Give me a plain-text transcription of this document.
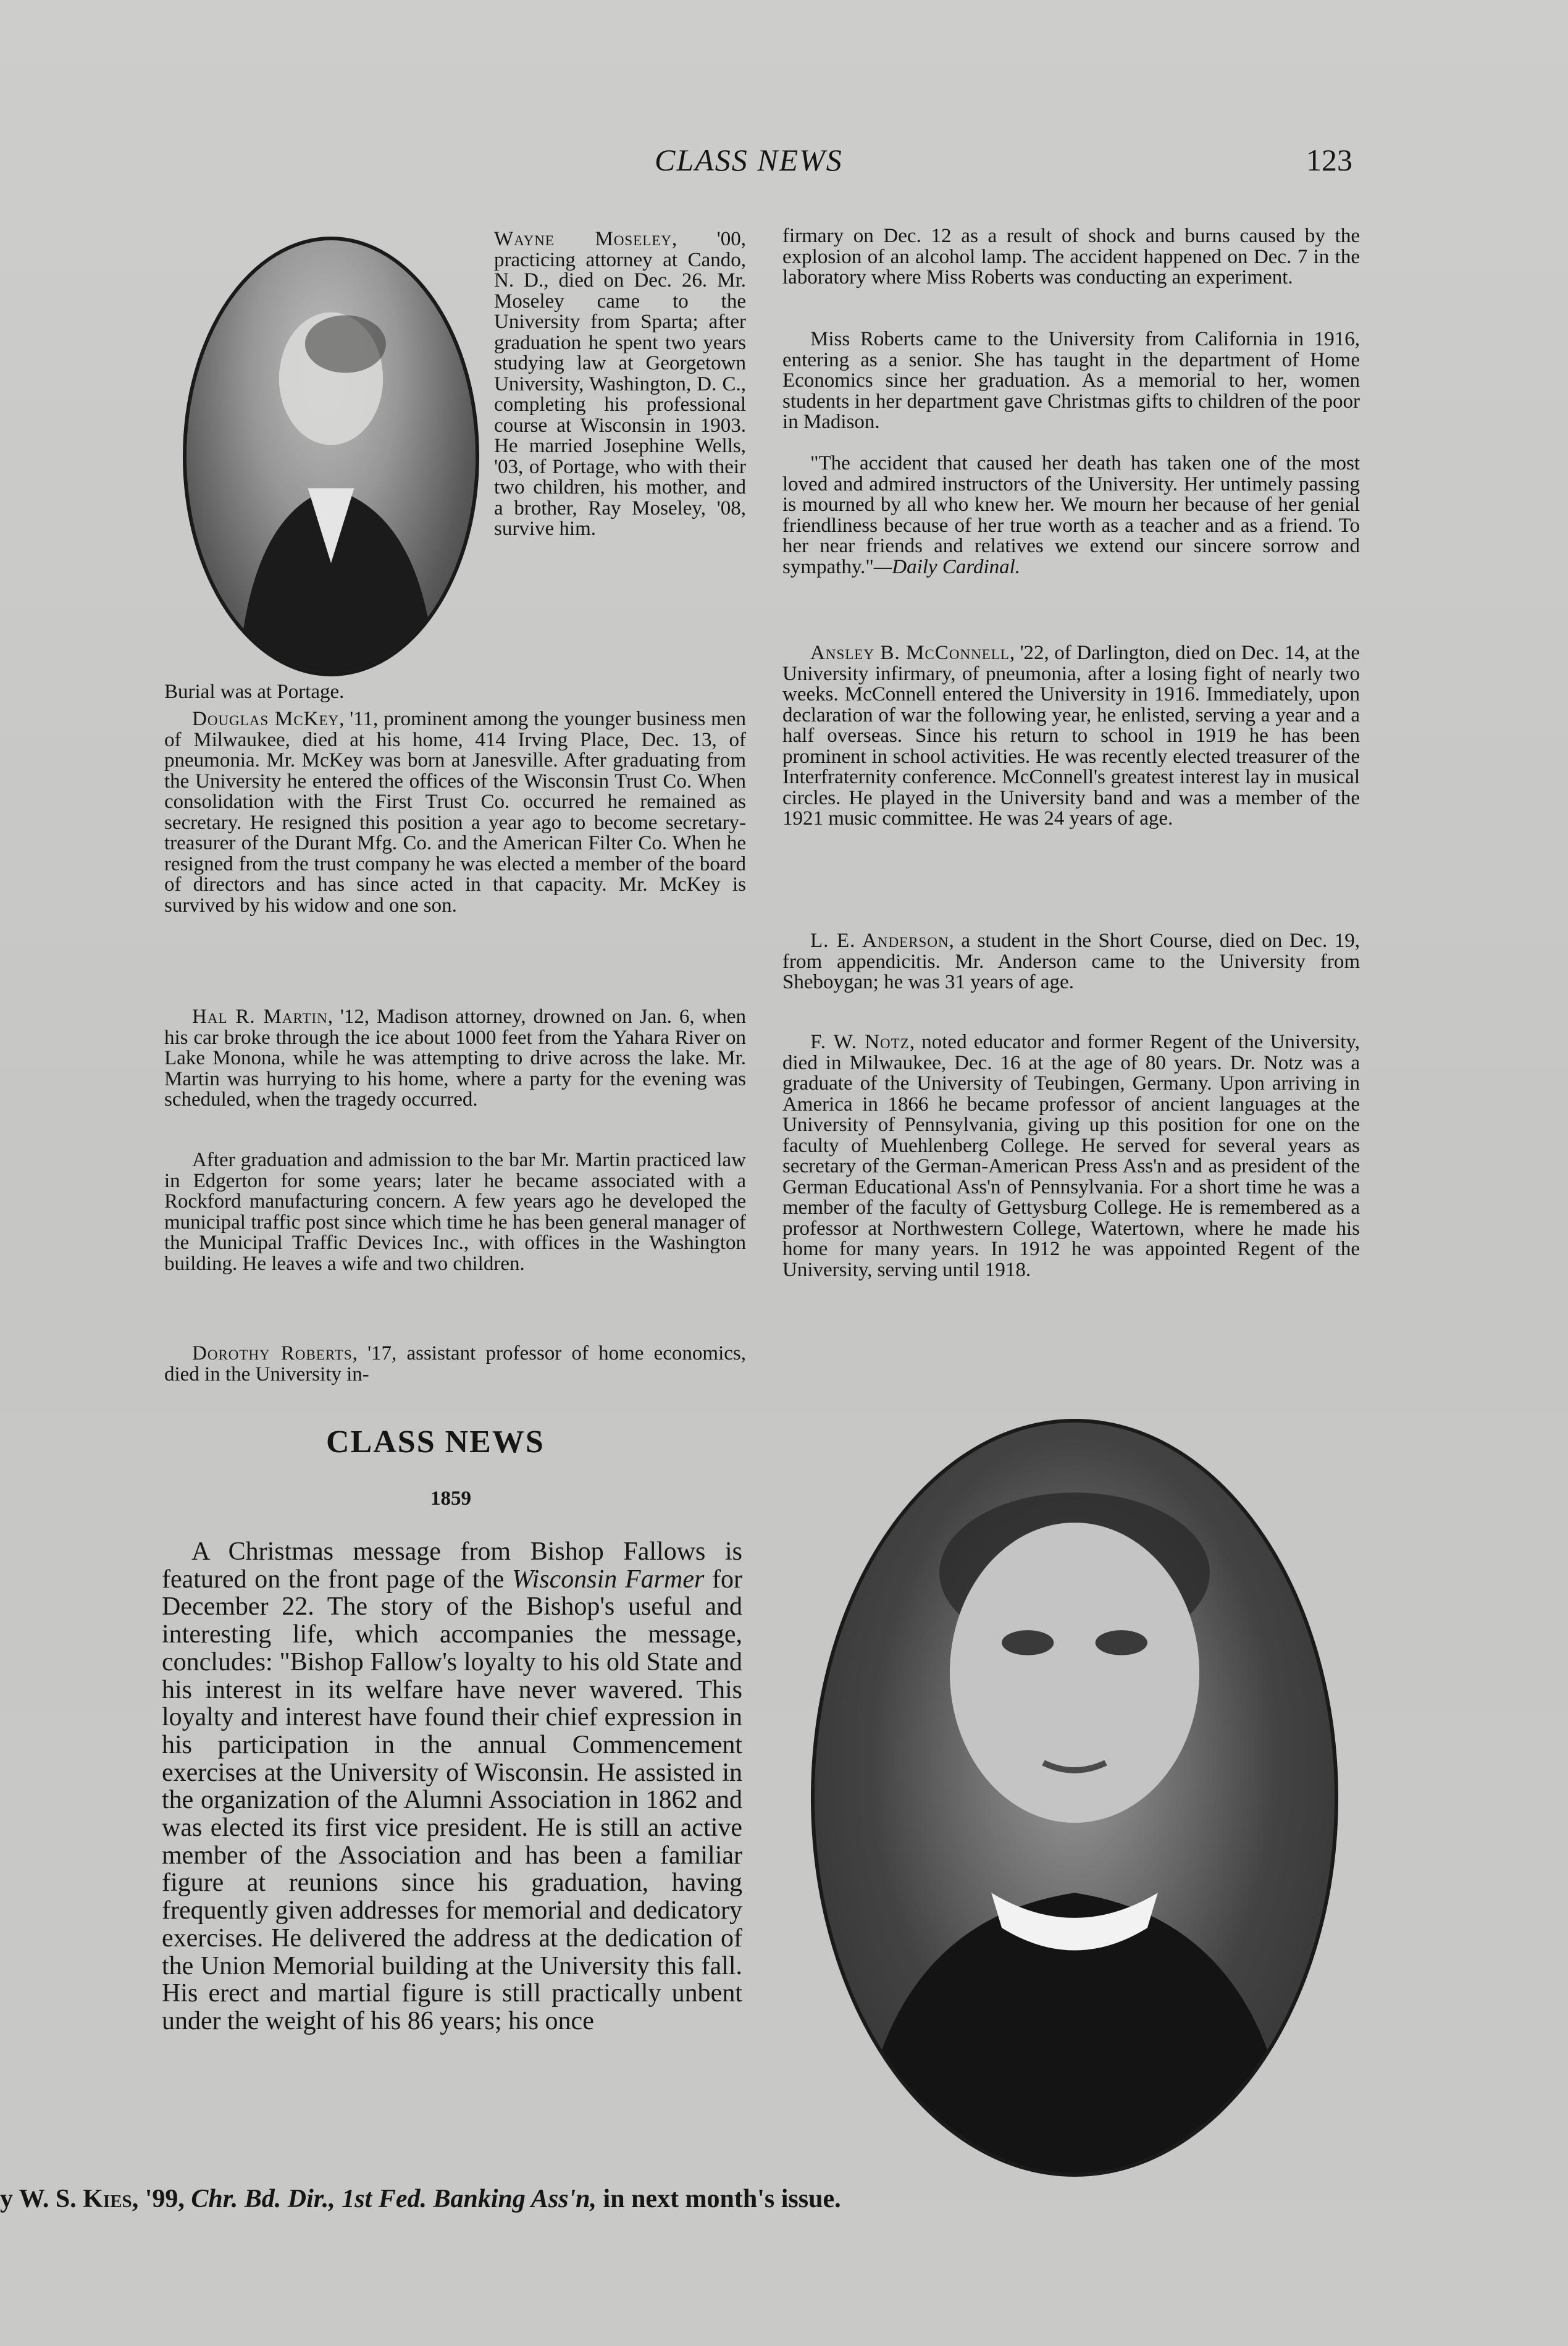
CLASS NEWS	123

Wayne Moseley, '00, practicing attorney at Cando, N. D., died on Dec. 26. Mr. Moseley came to the University from Sparta; after graduation he spent two years studying law at Georgetown University, Washington, D. C., completing his professional course at Wisconsin in 1903. He married Josephine Wells, '03, of Portage, who with their two children, his mother, and a brother, Ray Moseley, '08, survive him.

Burial was at Portage.

Douglas McKey, '11, prominent among the younger business men of Milwaukee, died at his home, 414 Irving Place, Dec. 13, of pneumonia. Mr. McKey was born at Janesville. After graduating from the University he entered the offices of the Wisconsin Trust Co. When consolidation with the First Trust Co. occurred he remained as secretary. He resigned this position a year ago to become secretary-treasurer of the Durant Mfg. Co. and the American Filter Co. When he resigned from the trust company he was elected a member of the board of directors and has since acted in that capacity. Mr. McKey is survived by his widow and one son.

Hal R. Martin, '12, Madison attorney, drowned on Jan. 6, when his car broke through the ice about 1000 feet from the Yahara River on Lake Monona, while he was attempting to drive across the lake. Mr. Martin was hurrying to his home, where a party for the evening was scheduled, when the tragedy occurred.

After graduation and admission to the bar Mr. Martin practiced law in Edgerton for some years; later he became associated with a Rockford manufacturing concern. A few years ago he developed the municipal traffic post since which time he has been general manager of the Municipal Traffic Devices Inc., with offices in the Washington building. He leaves a wife and two children.

Dorothy Roberts, '17, assistant professor of home economics, died in the University in-

firmary on Dec. 12 as a result of shock and burns caused by the explosion of an alcohol lamp. The accident happened on Dec. 7 in the laboratory where Miss Roberts was conducting an experiment.

Miss Roberts came to the University from California in 1916, entering as a senior. She has taught in the department of Home Economics since her graduation. As a memorial to her, women students in her department gave Christmas gifts to children of the poor in Madison.

"The accident that caused her death has taken one of the most loved and admired instructors of the University. Her untimely passing is mourned by all who knew her. We mourn her because of her genial friendliness because of her true worth as a teacher and as a friend. To her near friends and relatives we extend our sincere sorrow and sympathy."—Daily Cardinal.

Ansley B. McConnell, '22, of Darlington, died on Dec. 14, at the University infirmary, of pneumonia, after a losing fight of nearly two weeks. McConnell entered the University in 1916. Immediately, upon declaration of war the following year, he enlisted, serving a year and a half overseas. Since his return to school in 1919 he has been prominent in school activities. He was recently elected treasurer of the Interfraternity conference. McConnell's greatest interest lay in musical circles. He played in the University band and was a member of the 1921 music committee. He was 24 years of age.

L. E. Anderson, a student in the Short Course, died on Dec. 19, from appendicitis. Mr. Anderson came to the University from Sheboygan; he was 31 years of age.

F. W. Notz, noted educator and former Regent of the University, died in Milwaukee, Dec. 16 at the age of 80 years. Dr. Notz was a graduate of the University of Teubingen, Germany. Upon arriving in America in 1866 he became professor of ancient languages at the University of Pennsylvania, giving up this position for one on the faculty of Muehlenberg College. He served for several years as secretary of the German-American Press Ass'n and as president of the German Educational Ass'n of Pennsylvania. For a short time he was a member of the faculty of Gettysburg College. He is remembered as a professor at Northwestern College, Watertown, where he made his home for many years. In 1912 he was appointed Regent of the University, serving until 1918.

CLASS NEWS
1859

A Christmas message from Bishop Fallows is featured on the front page of the Wisconsin Farmer for December 22. The story of the Bishop's useful and interesting life, which accompanies the message, concludes: "Bishop Fallow's loyalty to his old State and his interest in its welfare have never wavered. This loyalty and interest have found their chief expression in his participation in the annual Commencement exercises at the University of Wisconsin. He assisted in the organization of the Alumni Association in 1862 and was elected its first vice president. He is still an active member of the Association and has been a familiar figure at reunions since his graduation, having frequently given addresses for memorial and dedicatory exercises. He delivered the address at the dedication of the Union Memorial building at the University this fall. His erect and martial figure is still practically unbent under the weight of his 86 years; his once

y W. S. Kies, '99, Chr. Bd. Dir., 1st Fed. Banking Ass'n, in next month's issue.
